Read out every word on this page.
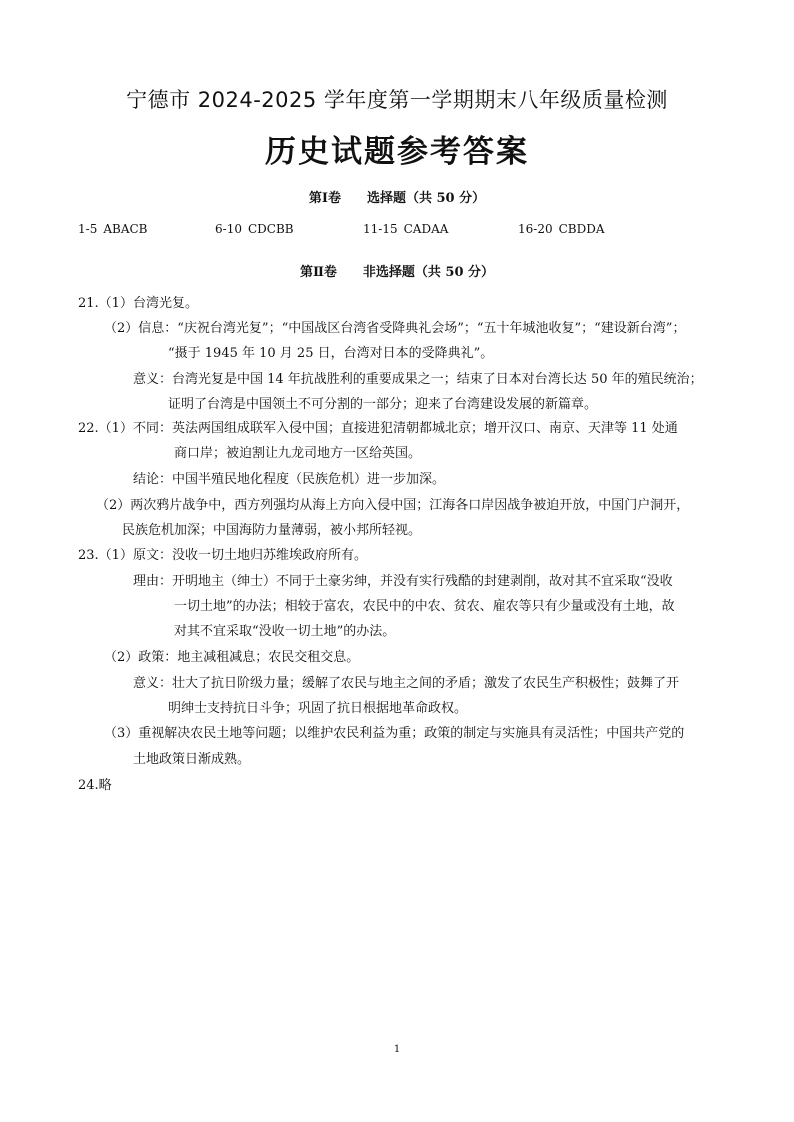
宁德市 2024-2025 学年度第一学期期末八年级质量检测
历史试题参考答案
第Ⅰ卷 选择题（共 50 分）
1-5 ABACB	6-10 CDCBB	11-15 CADAA	16-20 CBDDA
第Ⅱ卷 非选择题（共 50 分）
21.（1）台湾光复。
（2）信息：“庆祝台湾光复”；“中国战区台湾省受降典礼会场”；“五十年城池收复”；“建设新台湾”；
“摄于 1945 年 10 月 25 日，台湾对日本的受降典礼”。
意义：台湾光复是中国 14 年抗战胜利的重要成果之一；结束了日本对台湾长达 50 年的殖民统治；
证明了台湾是中国领土不可分割的一部分；迎来了台湾建设发展的新篇章。
22.（1）不同：英法两国组成联军入侵中国；直接进犯清朝都城北京；增开汉口、南京、天津等 11 处通
商口岸；被迫割让九龙司地方一区给英国。
结论：中国半殖民地化程度（民族危机）进一步加深。
（2）两次鸦片战争中，西方列强均从海上方向入侵中国；江海各口岸因战争被迫开放，中国门户洞开，
民族危机加深；中国海防力量薄弱，被小邦所轻视。
23.（1）原文：没收一切土地归苏维埃政府所有。
理由：开明地主（绅士）不同于土豪劣绅，并没有实行残酷的封建剥削，故对其不宜采取“没收
一切土地”的办法；相较于富农，农民中的中农、贫农、雇农等只有少量或没有土地，故
对其不宜采取“没收一切土地”的办法。
（2）政策：地主减租减息；农民交租交息。
意义：壮大了抗日阶级力量；缓解了农民与地主之间的矛盾；激发了农民生产积极性；鼓舞了开
明绅士支持抗日斗争；巩固了抗日根据地革命政权。
（3）重视解决农民土地等问题；以维护农民利益为重；政策的制定与实施具有灵活性；中国共产党的
土地政策日渐成熟。
24.略
1
